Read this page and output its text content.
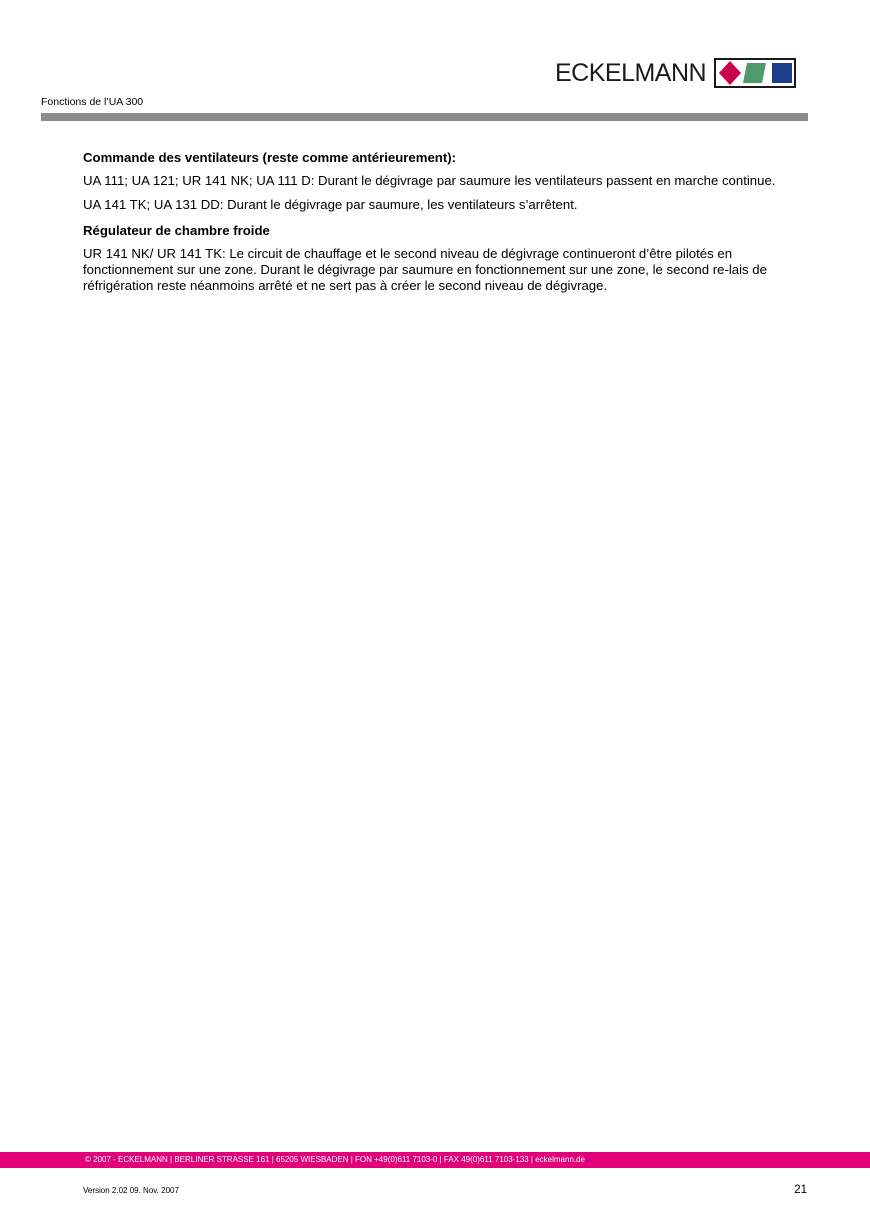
ECKELMANN
Fonctions de l’UA 300
Commande des ventilateurs (reste comme antérieurement):

UA 111; UA 121; UR 141 NK; UA 111 D: Durant le dégivrage par saumure les ventilateurs passent en marche continue.

UA 141 TK; UA 131 DD: Durant le dégivrage par saumure, les ventilateurs s’arrêtent.

Régulateur de chambre froide

UR 141 NK/ UR 141 TK: Le circuit de chauffage et le second niveau de dégivrage continueront d’être pilotés en fonctionnement sur une zone. Durant le dégivrage par saumure en fonctionnement sur une zone, le second re-lais de réfrigération reste néanmoins arrêté et ne sert pas à créer le second niveau de dégivrage.

© 2007 - ECKELMANN | BERLINER STRASSE 161 | 65205 WIESBADEN | FON +49(0)611 7103-0 | FAX 49(0)611 7103-133 | eckelmann.de
Version 2.02 09. Nov. 2007	21
